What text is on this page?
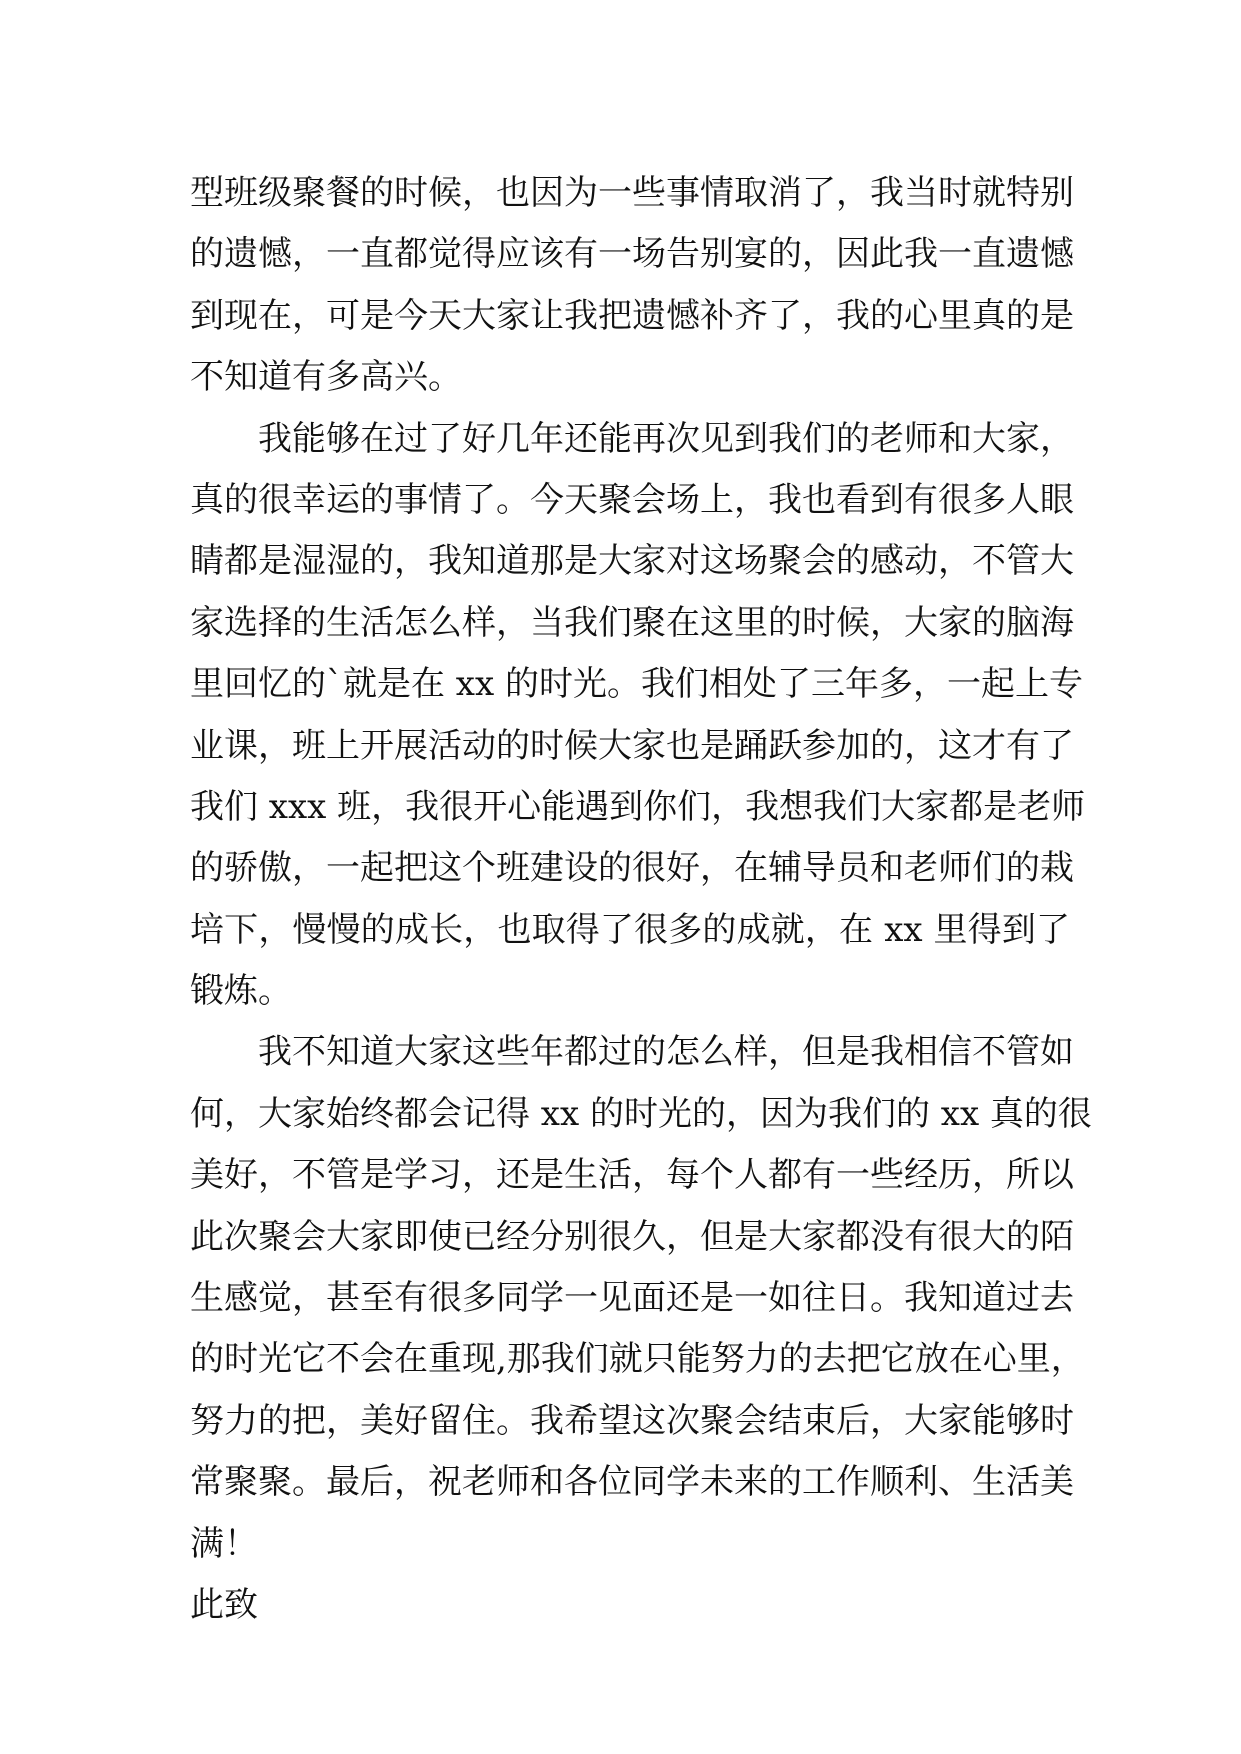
型班级聚餐的时候，也因为一些事情取消了，我当时就特别
的遗憾，一直都觉得应该有一场告别宴的，因此我一直遗憾
到现在，可是今天大家让我把遗憾补齐了，我的心里真的是
不知道有多高兴。
我能够在过了好几年还能再次见到我们的老师和大家，
真的很幸运的事情了。今天聚会场上，我也看到有很多人眼
睛都是湿湿的，我知道那是大家对这场聚会的感动，不管大
家选择的生活怎么样，当我们聚在这里的时候，大家的脑海
里回忆的`就是在 xx 的时光。我们相处了三年多，一起上专
业课，班上开展活动的时候大家也是踊跃参加的，这才有了
我们 xxx 班，我很开心能遇到你们，我想我们大家都是老师
的骄傲，一起把这个班建设的很好，在辅导员和老师们的栽
培下，慢慢的成长，也取得了很多的成就，在 xx 里得到了
锻炼。
我不知道大家这些年都过的怎么样，但是我相信不管如
何，大家始终都会记得 xx 的时光的，因为我们的 xx 真的很
美好，不管是学习，还是生活，每个人都有一些经历，所以
此次聚会大家即使已经分别很久，但是大家都没有很大的陌
生感觉，甚至有很多同学一见面还是一如往日。我知道过去
的时光它不会在重现,那我们就只能努力的去把它放在心里，
努力的把，美好留住。我希望这次聚会结束后，大家能够时
常聚聚。最后，祝老师和各位同学未来的工作顺利、生活美
满！
此致
